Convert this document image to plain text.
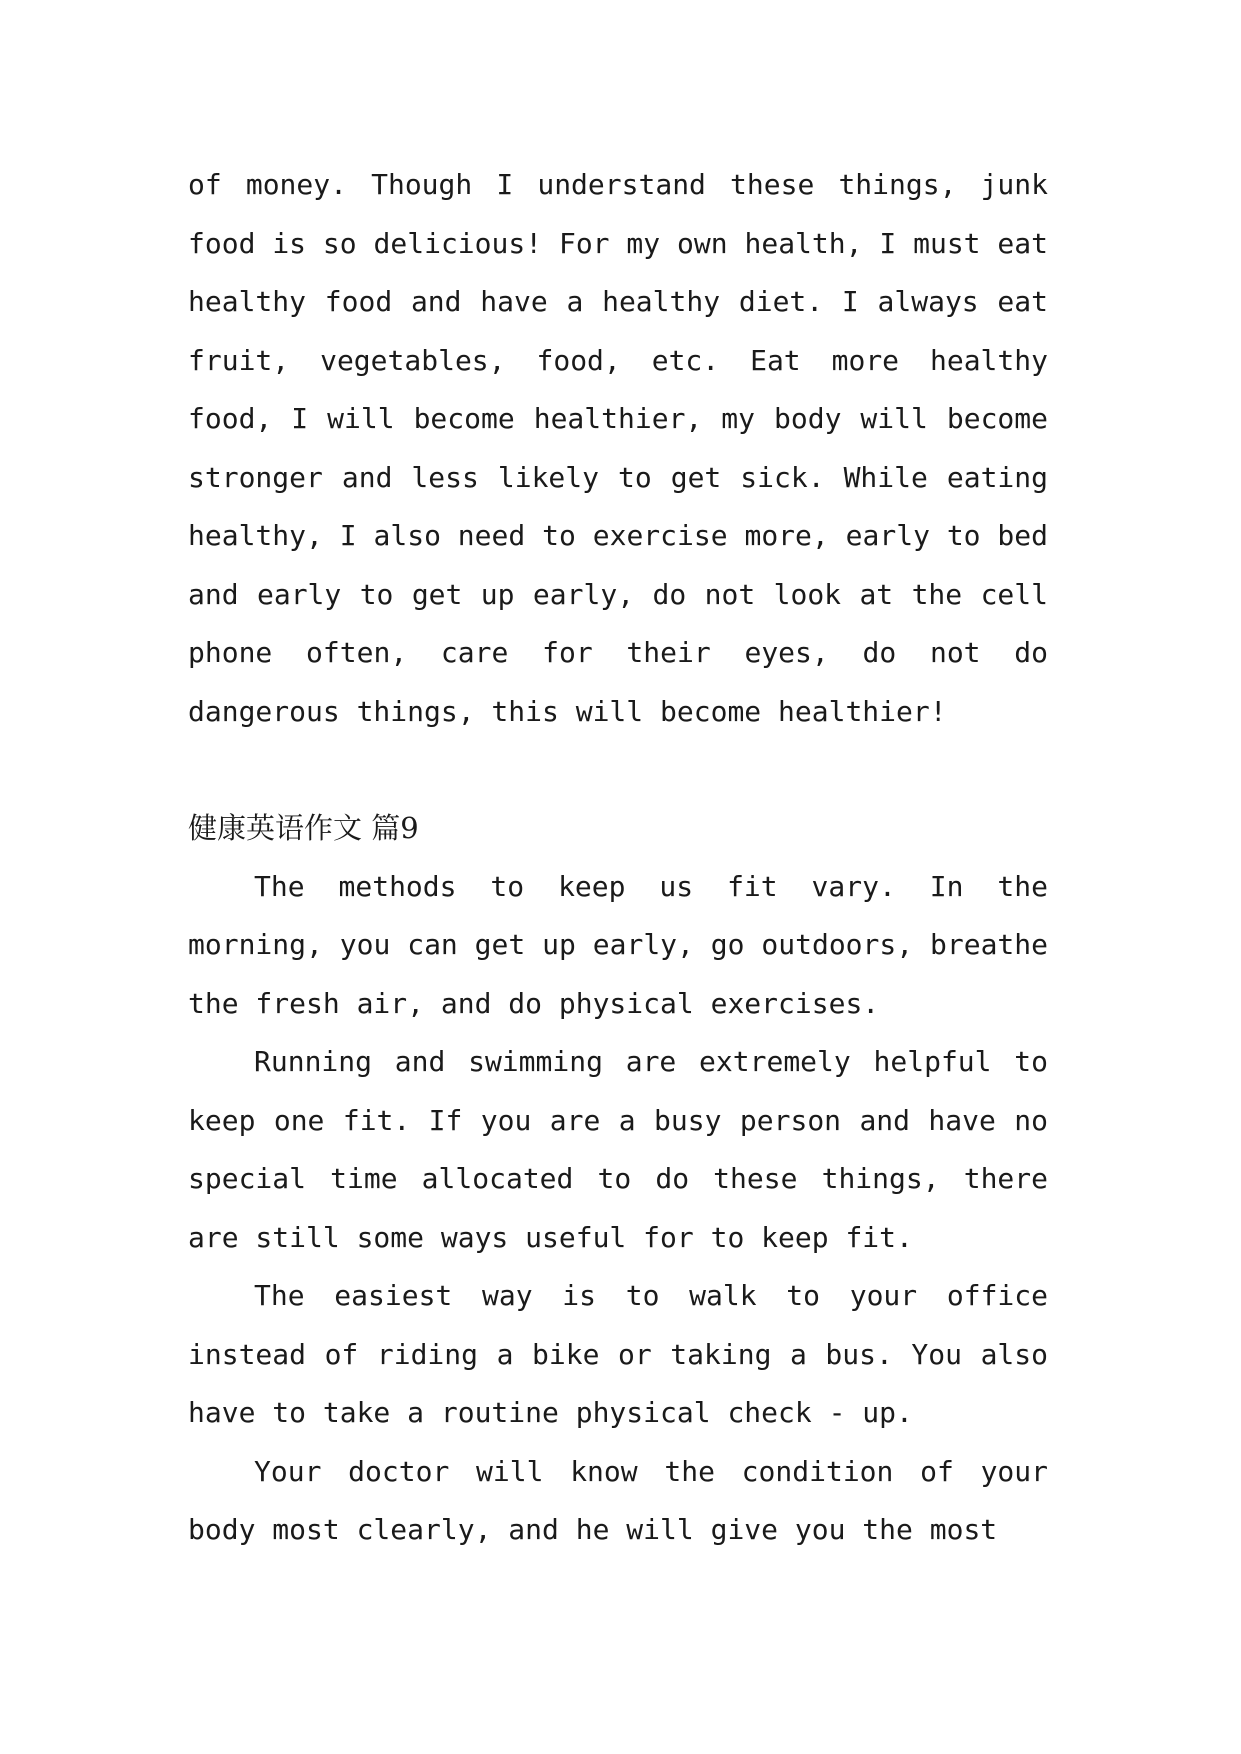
of money. Though I understand these things, junk food is so delicious! For my own health, I must eat healthy food and have a healthy diet. I always eat fruit, vegetables, food, etc. Eat more healthy food, I will become healthier, my body will become stronger and less likely to get sick. While eating healthy, I also need to exercise more, early to bed and early to get up early, do not look at the cell phone often, care for their eyes, do not do dangerous things, this will become healthier!

健康英语作文 篇9

The methods to keep us fit vary. In the morning, you can get up early, go outdoors, breathe the fresh air, and do physical exercises.

Running and swimming are extremely helpful to keep one fit. If you are a busy person and have no special time allocated to do these things, there are still some ways useful for to keep fit.

The easiest way is to walk to your office instead of riding a bike or taking a bus. You also have to take a routine physical check - up.

Your doctor will know the condition of your body most clearly, and he will give you the most
